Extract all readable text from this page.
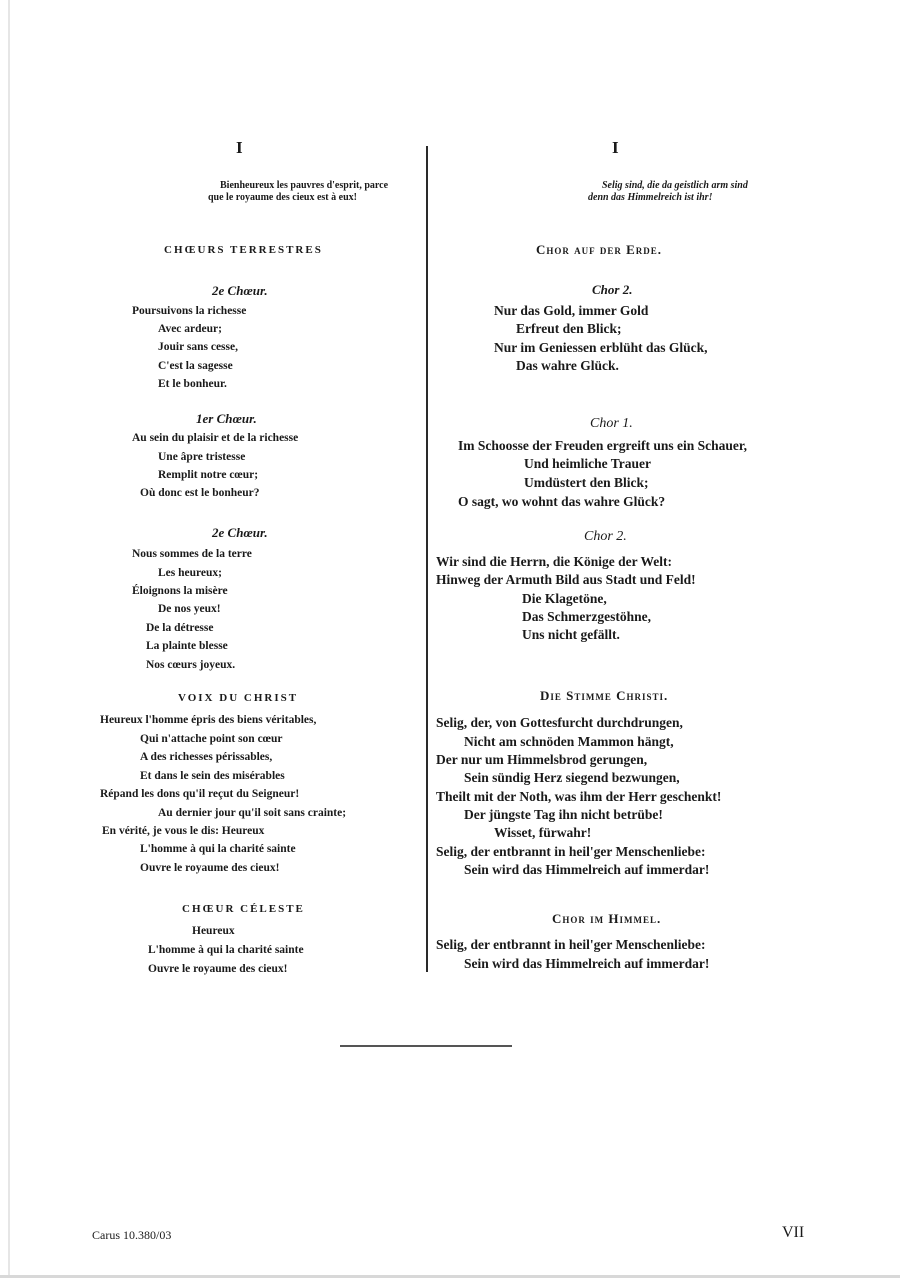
I
Bienheureux les pauvres d'esprit, parce
que le royaume des cieux est à eux!
CHŒURS TERRESTRES
2e Chœur.
Poursuivons la richesse
Avec ardeur;
Jouir sans cesse,
C'est la sagesse
Et le bonheur.
1er Chœur.
Au sein du plaisir et de la richesse
Une âpre tristesse
Remplit notre cœur;
Où donc est le bonheur?
2e Chœur.
Nous sommes de la terre
Les heureux;
Éloignons la misère
De nos yeux!
De la détresse
La plainte blesse
Nos cœurs joyeux.
VOIX DU CHRIST
Heureux l'homme épris des biens véritables,
Qui n'attache point son cœur
A des richesses périssables,
Et dans le sein des misérables
Répand les dons qu'il reçut du Seigneur!
Au dernier jour qu'il soit sans crainte;
En vérité, je vous le dis: Heureux
L'homme à qui la charité sainte
Ouvre le royaume des cieux!
CHŒUR CÉLESTE
Heureux
L'homme à qui la charité sainte
Ouvre le royaume des cieux!
I
Selig sind, die da geistlich arm sind
denn das Himmelreich ist ihr!
Chor auf der Erde.
Chor 2.
Nur das Gold, immer Gold
Erfreut den Blick;
Nur im Geniessen erblüht das Glück,
Das wahre Glück.
Chor 1.
Im Schoosse der Freuden ergreift uns ein Schauer,
Und heimliche Trauer
Umdüstert den Blick;
O sagt, wo wohnt das wahre Glück?
Chor 2.
Wir sind die Herrn, die Könige der Welt:
Hinweg der Armuth Bild aus Stadt und Feld!
Die Klagetöne,
Das Schmerzgestöhne,
Uns nicht gefällt.
Die Stimme Christi.
Selig, der, von Gottesfurcht durchdrungen,
Nicht am schnöden Mammon hängt,
Der nur um Himmelsbrod gerungen,
Sein sündig Herz siegend bezwungen,
Theilt mit der Noth, was ihm der Herr geschenkt!
Der jüngste Tag ihn nicht betrübe!
Wisset, fürwahr!
Selig, der entbrannt in heil'ger Menschenliebe:
Sein wird das Himmelreich auf immerdar!
Chor im Himmel.
Selig, der entbrannt in heil'ger Menschenliebe:
Sein wird das Himmelreich auf immerdar!
Carus 10.380/03	VII
